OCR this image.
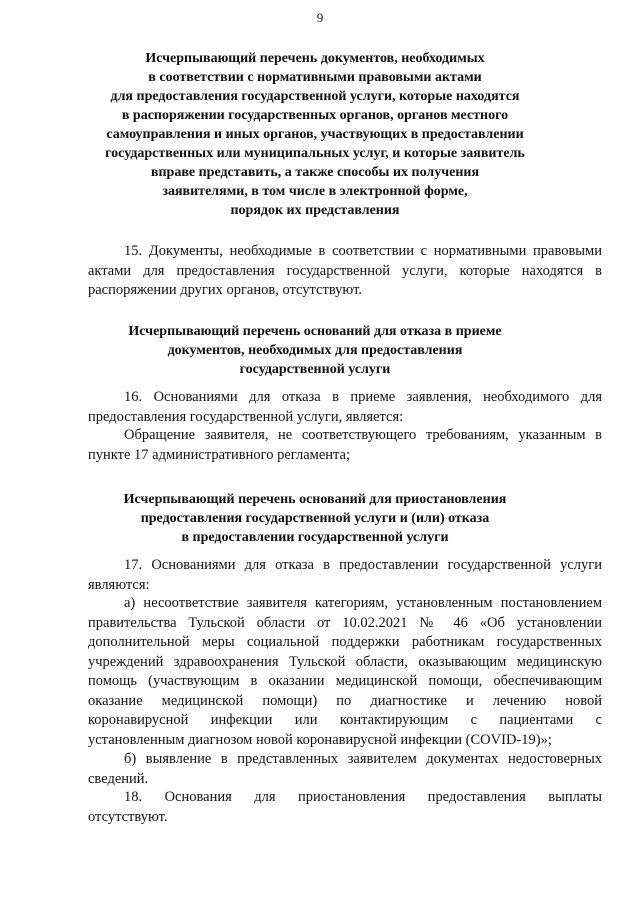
9
Исчерпывающий перечень документов, необходимых
в соответствии с нормативными правовыми актами
для предоставления государственной услуги, которые находятся
в распоряжении государственных органов, органов местного
самоуправления и иных органов, участвующих в предоставлении
государственных или муниципальных услуг, и которые заявитель
вправе представить, а также способы их получения
заявителями, в том числе в электронной форме,
порядок их представления
15. Документы, необходимые в соответствии с нормативными правовыми
актами для предоставления государственной услуги, которые находятся в
распоряжении других органов, отсутствуют.
Исчерпывающий перечень оснований для отказа в приеме
документов, необходимых для предоставления
государственной услуги
16. Основаниями для отказа в приеме заявления, необходимого для
предоставления государственной услуги, является:
Обращение заявителя, не соответствующего требованиям, указанным в
пункте 17 административного регламента;
Исчерпывающий перечень оснований для приостановления
предоставления государственной услуги и (или) отказа
в предоставлении государственной услуги
17. Основаниями для отказа в предоставлении государственной услуги
являются:
а) несоответствие заявителя категориям, установленным постановлением
правительства Тульской области от 10.02.2021 № 46 «Об установлении
дополнительной меры социальной поддержки работникам государственных
учреждений здравоохранения Тульской области, оказывающим медицинскую
помощь (участвующим в оказании медицинской помощи, обеспечивающим
оказание медицинской помощи) по диагностике и лечению новой
коронавирусной инфекции или контактирующим с пациентами с
установленным диагнозом новой коронавирусной инфекции (COVID-19)»;
б) выявление в представленных заявителем документах недостоверных
сведений.
18. Основания для приостановления предоставления выплаты
отсутствуют.
